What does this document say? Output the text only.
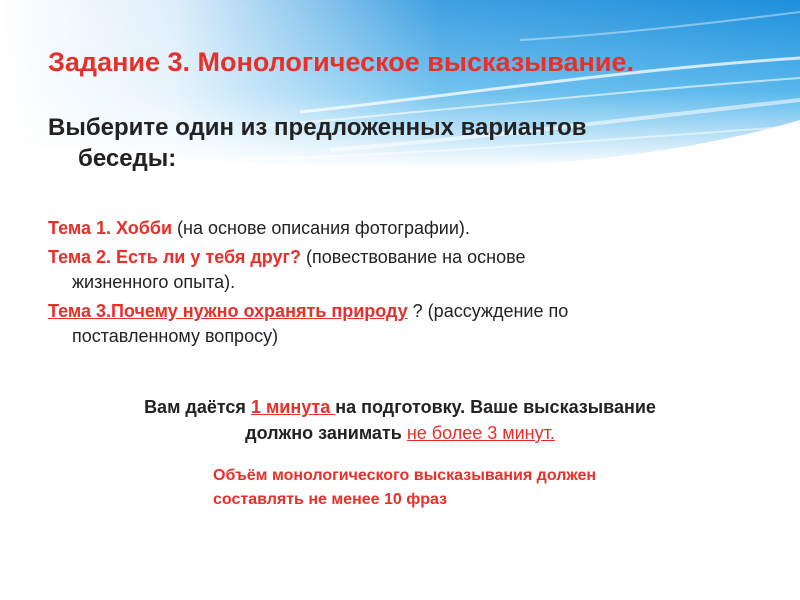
Задание 3. Монологическое высказывание.
Выберите один из предложенных вариантов
беседы:
Тема 1. Хобби (на основе описания фотографии).
Тема 2. Есть ли у тебя друг? (повествование на основе
жизненного опыта).
Тема 3.Почему нужно охранять природу ? (рассуждение по
поставленному вопросу)
Вам даётся 1 минута на подготовку. Ваше высказывание
должно занимать не более 3 минут.
Объём монологического высказывания должен
составлять не менее 10 фраз
